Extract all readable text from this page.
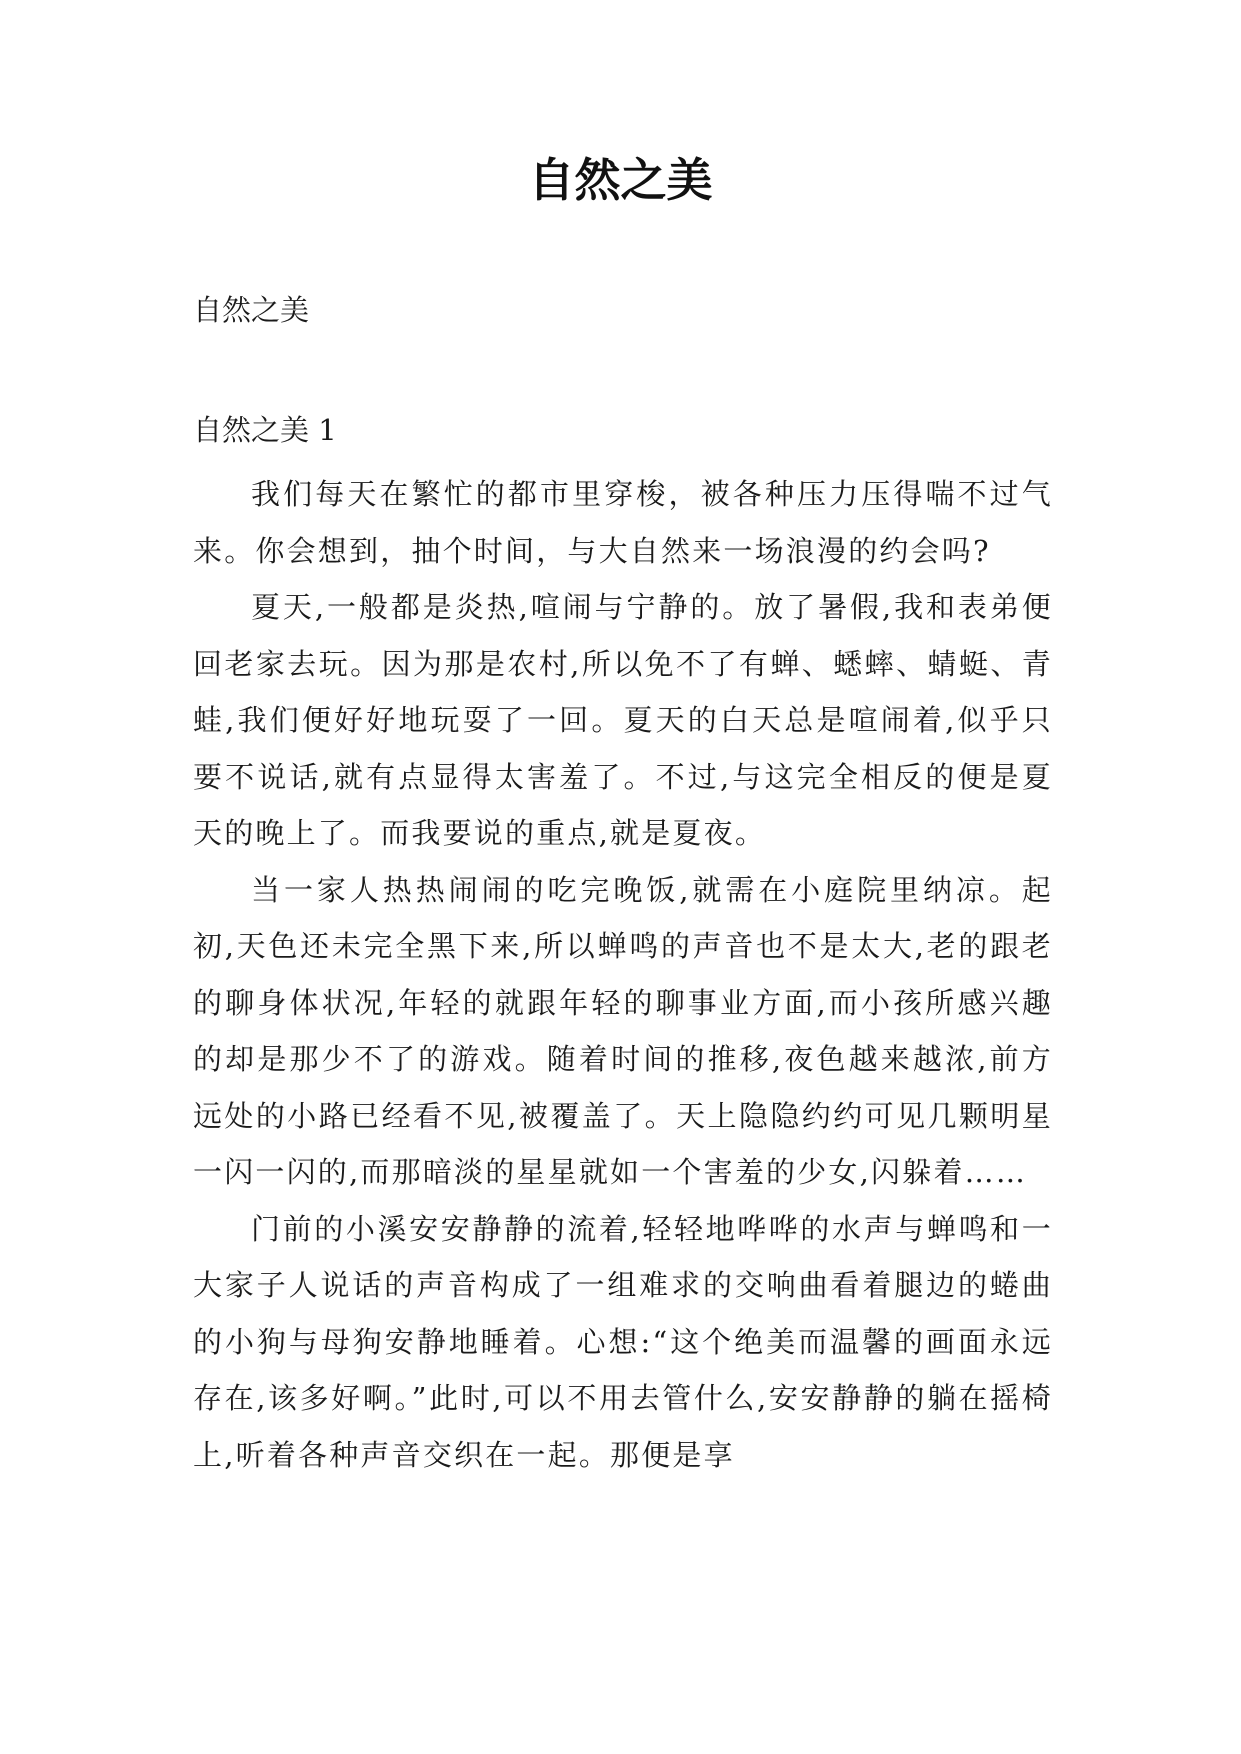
自然之美
自然之美
自然之美 1

我们每天在繁忙的都市里穿梭，被各种压力压得喘不过气来。你会想到，抽个时间，与大自然来一场浪漫的约会吗?

夏天,一般都是炎热,喧闹与宁静的。放了暑假,我和表弟便回老家去玩。因为那是农村,所以免不了有蝉、蟋蟀、蜻蜓、青蛙,我们便好好地玩耍了一回。夏天的白天总是喧闹着,似乎只要不说话,就有点显得太害羞了。不过,与这完全相反的便是夏天的晚上了。而我要说的重点,就是夏夜。

当一家人热热闹闹的吃完晚饭,就需在小庭院里纳凉。起初,天色还未完全黑下来,所以蝉鸣的声音也不是太大,老的跟老的聊身体状况,年轻的就跟年轻的聊事业方面,而小孩所感兴趣的却是那少不了的游戏。随着时间的推移,夜色越来越浓,前方远处的小路已经看不见,被覆盖了。天上隐隐约约可见几颗明星一闪一闪的,而那暗淡的星星就如一个害羞的少女,闪躲着……

门前的小溪安安静静的流着,轻轻地哗哗的水声与蝉鸣和一大家子人说话的声音构成了一组难求的交响曲看着腿边的蜷曲的小狗与母狗安静地睡着。心想:“这个绝美而温馨的画面永远存在,该多好啊。”此时,可以不用去管什么,安安静静的躺在摇椅上,听着各种声音交织在一起。那便是享
